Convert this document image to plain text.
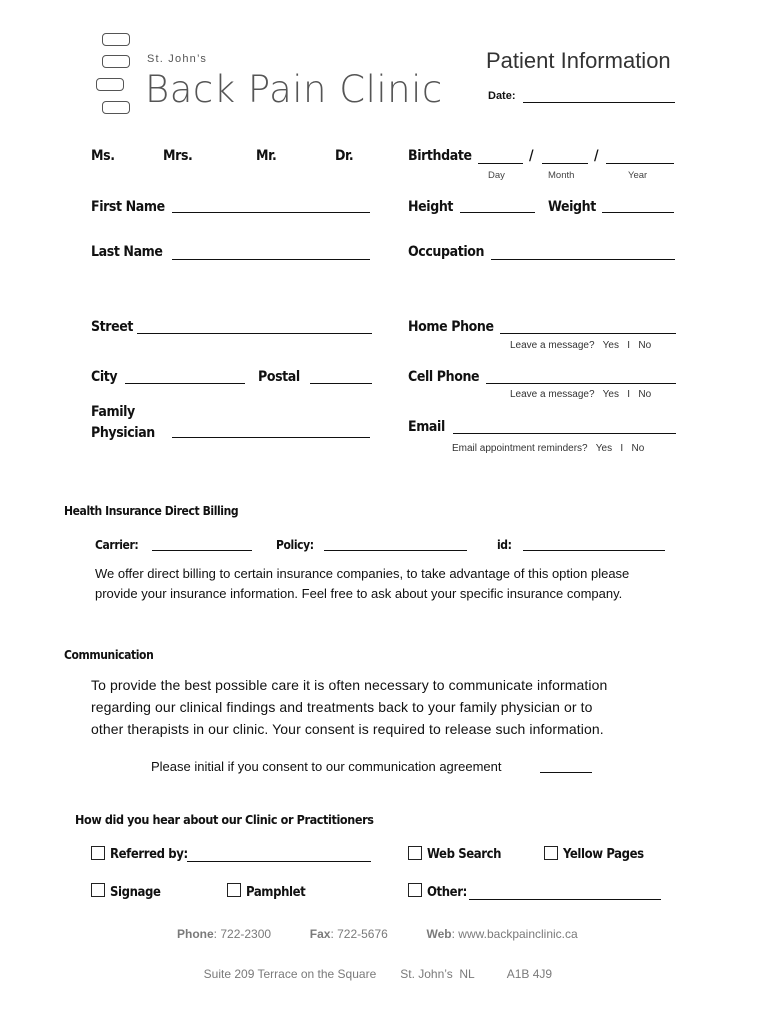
St. John’s
Back Pain Clinic
Patient Information
Date:
Ms.	Mrs.	Mr.	Dr.	Birthdate	/	/
Day	Month	Year
First Name	Height	Weight
Last Name	Occupation
Street	Home Phone
Leave a message?   Yes   I   No
City	Postal	Cell Phone
Leave a message?   Yes   I   No
Family
Physician	Email
Email appointment reminders?   Yes   I   No
Health Insurance Direct Billing
Carrier:	Policy:	id:
We offer direct billing to certain insurance companies, to take advantage of this option please
provide your insurance information. Feel free to ask about your specific insurance company.
Communication
To provide the best possible care it is often necessary to communicate information
regarding our clinical findings and treatments back to your family physician or to
other therapists in our clinic. Your consent is required to release such information.
Please initial if you consent to our communication agreement
How did you hear about our Clinic or Practitioners
Referred by:	Web Search	Yellow Pages
Signage	Pamphlet	Other:
Phone: 722-2300	Fax: 722-5676	Web: www.backpainclinic.ca

Suite 209 Terrace on the Square St. John’s  NL	A1B 4J9
